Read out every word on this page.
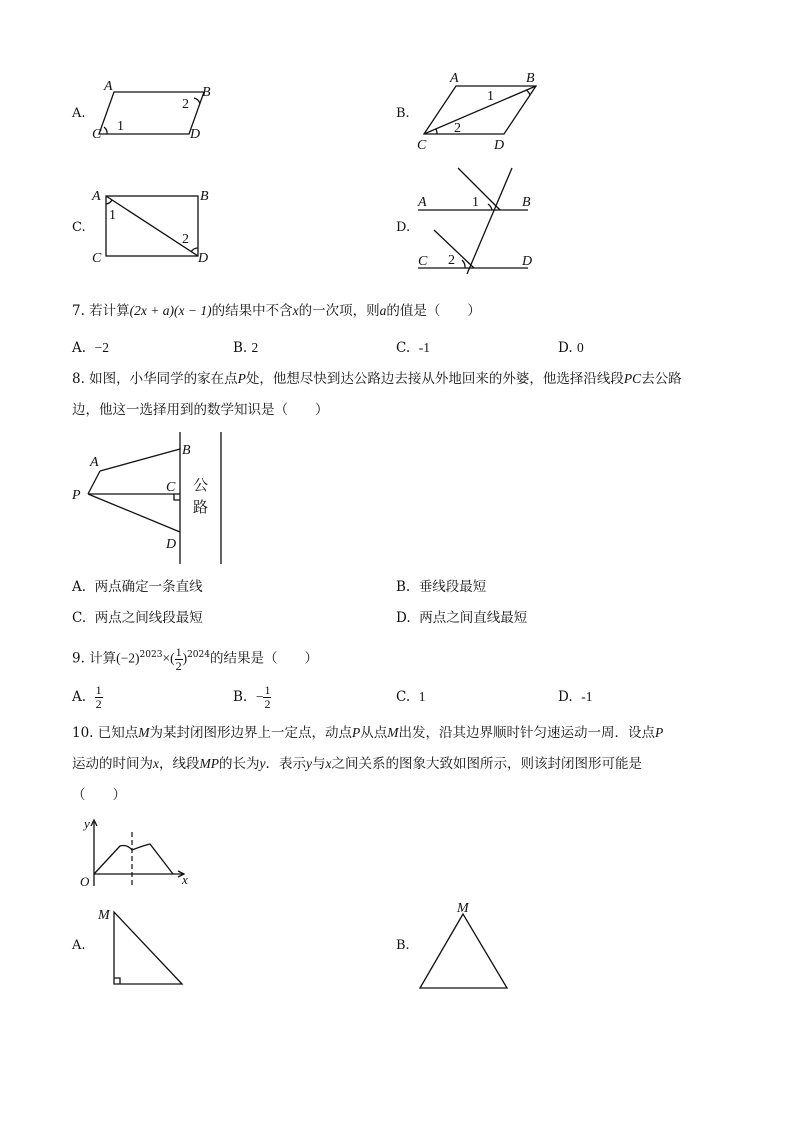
A.
A	B
C	D
1
2
B.
A	B
C	D
1
2
C.
A	B
C	D
1
2
D.
A	B
C	D
1
2
7. 若计算(2x + a)(x − 1)的结果中不含x的一次项，则a的值是（　　）
A. −2	B. 2	C. -1	D. 0
8. 如图，小华同学的家在点P处，他想尽快到达公路边去接从外地回来的外婆，他选择沿线段PC去公路
边，他这一选择用到的数学知识是（　　）
A
B
C
D
P
公
路
A. 两点确定一条直线	B. 垂线段最短
C. 两点之间线段最短	D. 两点之间直线最短
9. 计算$(-2)^{2023}\times( \frac{1}{2} )^{2024}$的结果是（　　）
A. $\frac{1}{2}$	B. − $\frac{1}{2}$	C. 1	D. -1
10. 已知点M为某封闭图形边界上一定点，动点P从点M出发，沿其边界顺时针匀速运动一周．设点P
运动的时间为x，线段MP的长为y．表示y与x之间关系的图象大致如图所示，则该封闭图形可能是
（　　）
y
x
O
A.
M
B.
M
